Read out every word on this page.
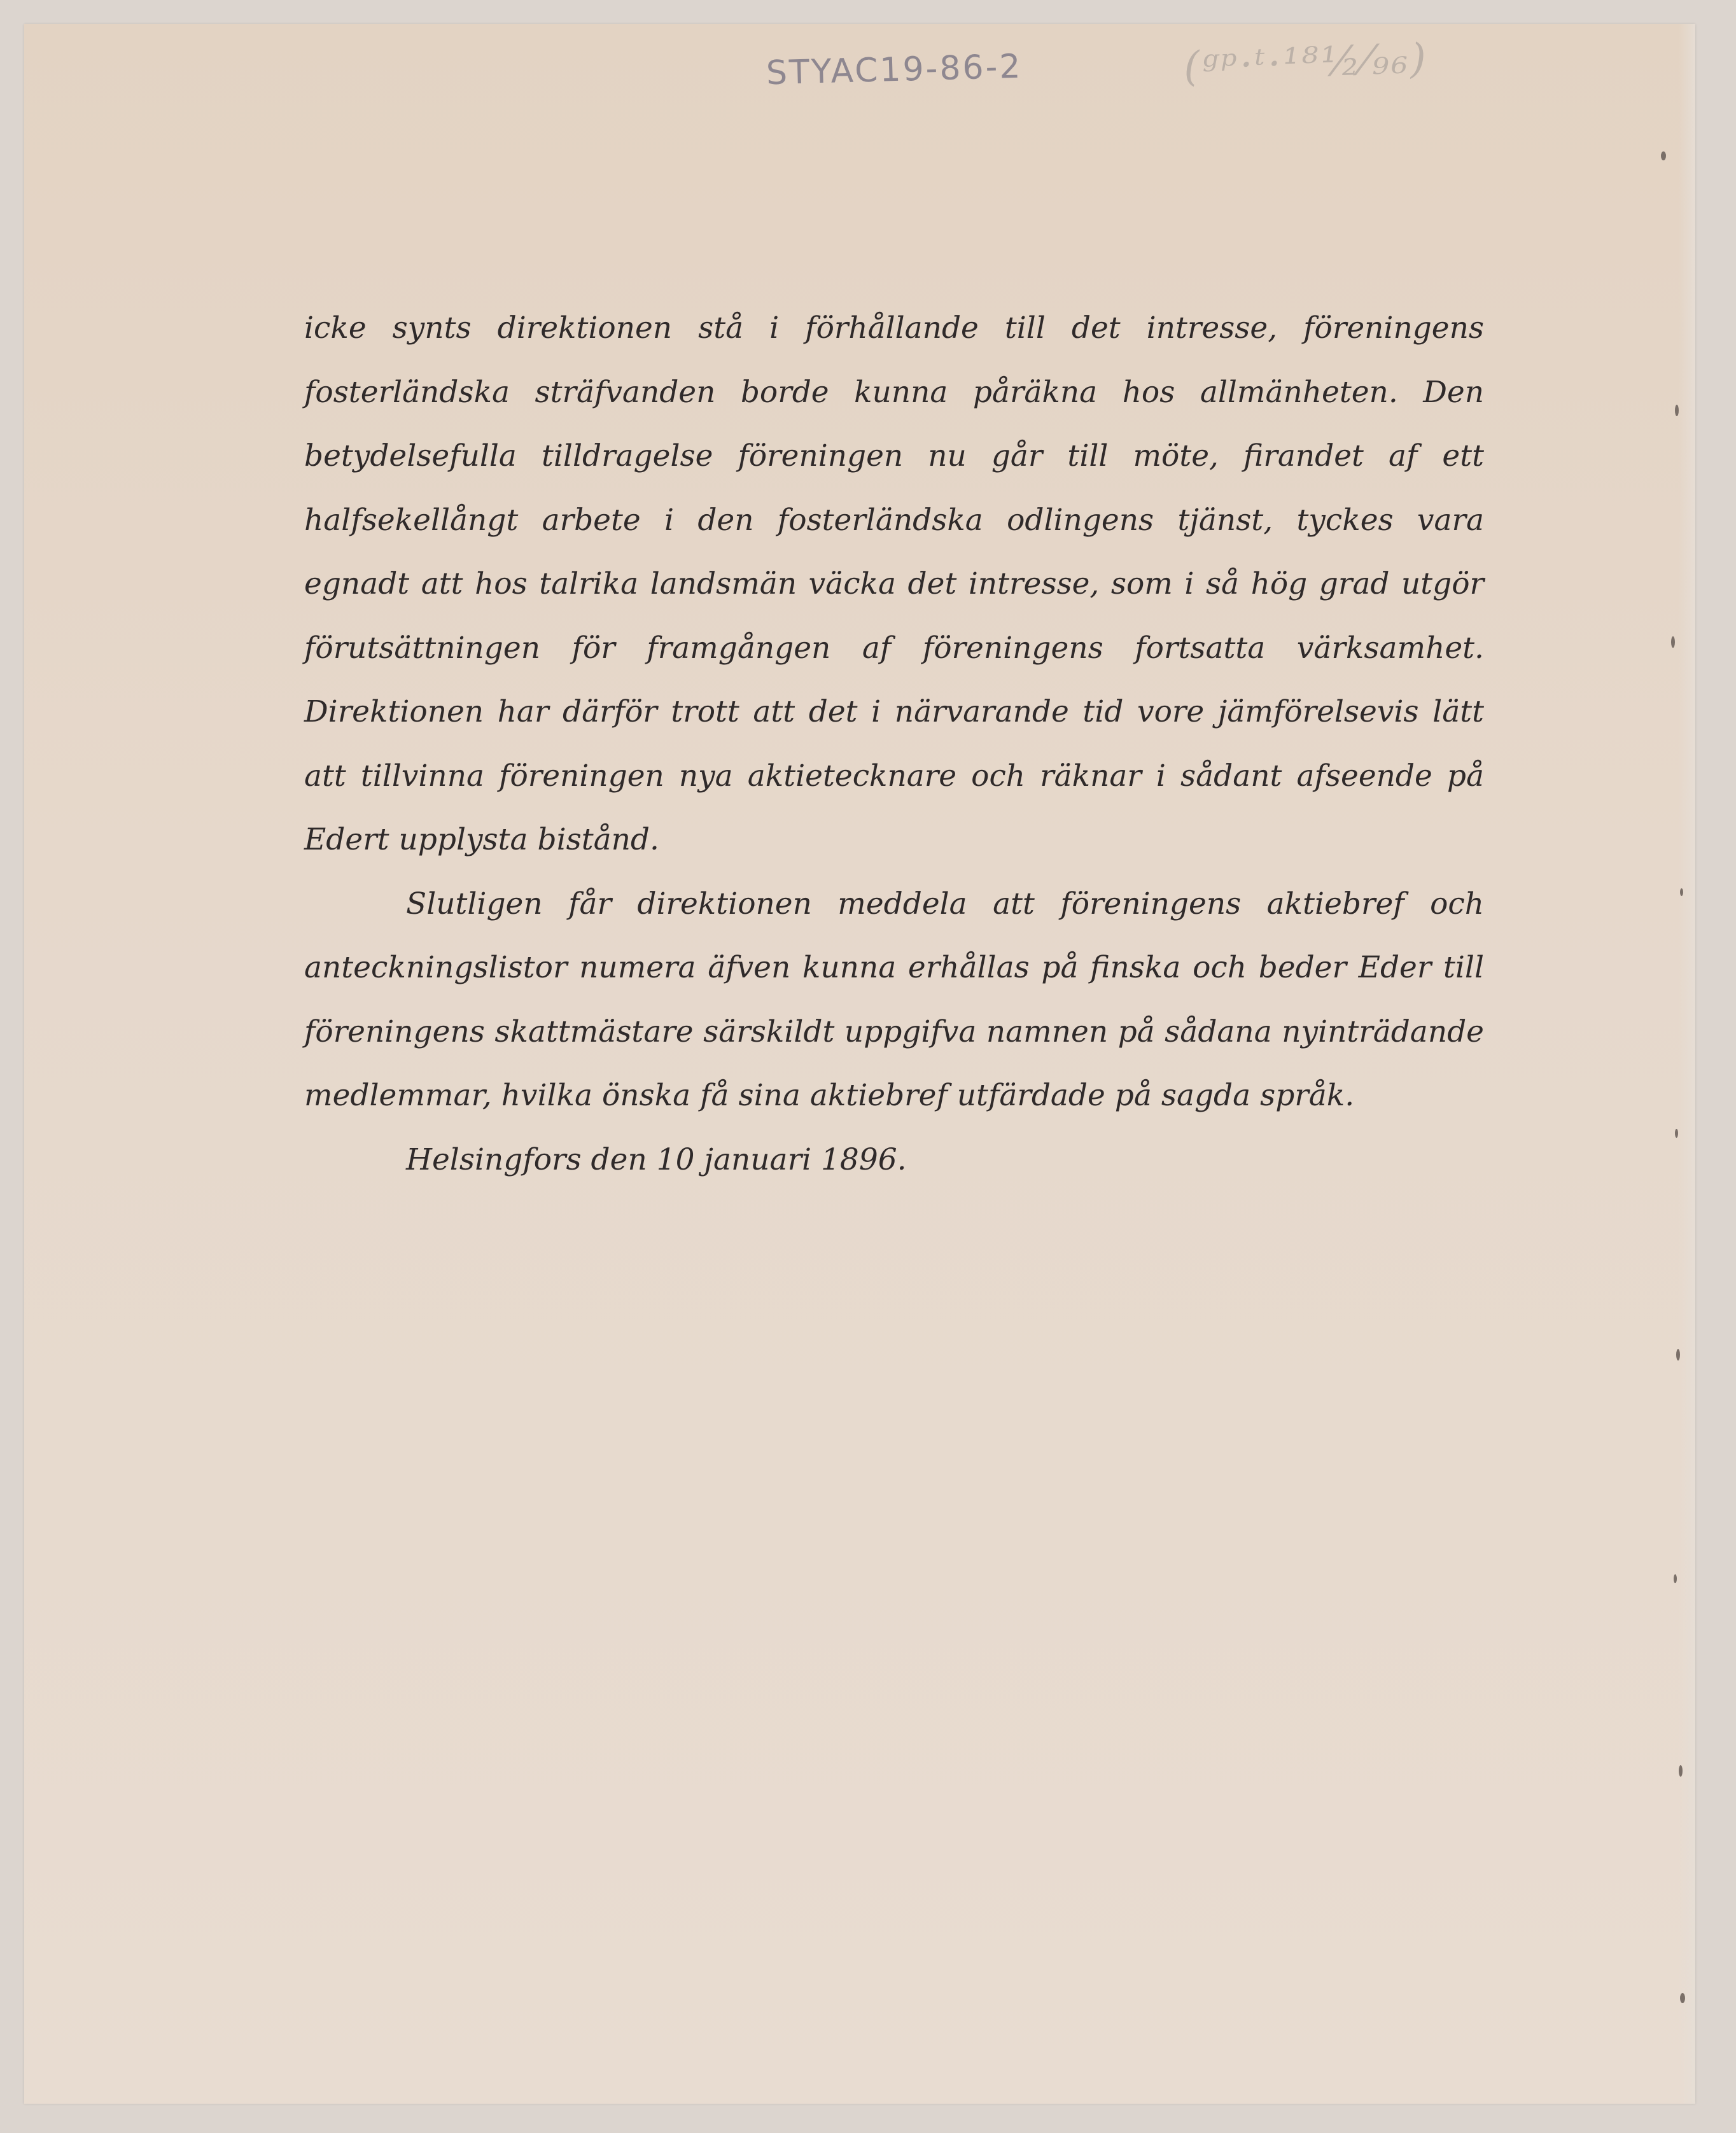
STYAC19-86-2	(ᵍᵖ·ᵗ·¹⁸½⁄₉₆)

icke synts direktionen stå i förhållande till det intresse, föreningens fosterländska sträfvanden borde kunna påräkna hos allmänheten. Den betydelsefulla tilldragelse föreningen nu går till möte, firandet af ett halfsekellångt arbete i den fosterländska odlingens tjänst, tyckes vara egnadt att hos talrika landsmän väcka det intresse, som i så hög grad utgör förutsättningen för framgången af föreningens fortsatta värksamhet. Direktionen har därför trott att det i närvarande tid vore jämförelsevis lätt att tillvinna föreningen nya aktietecknare och räknar i sådant afseende på Edert upplysta bistånd.

Slutligen får direktionen meddela att föreningens aktiebref och anteckningslistor numera äfven kunna erhållas på finska och beder Eder till föreningens skattmästare särskildt uppgifva namnen på sådana nyinträdande medlemmar, hvilka önska få sina aktiebref utfärdade på sagda språk.

Helsingfors den 10 januari 1896.
